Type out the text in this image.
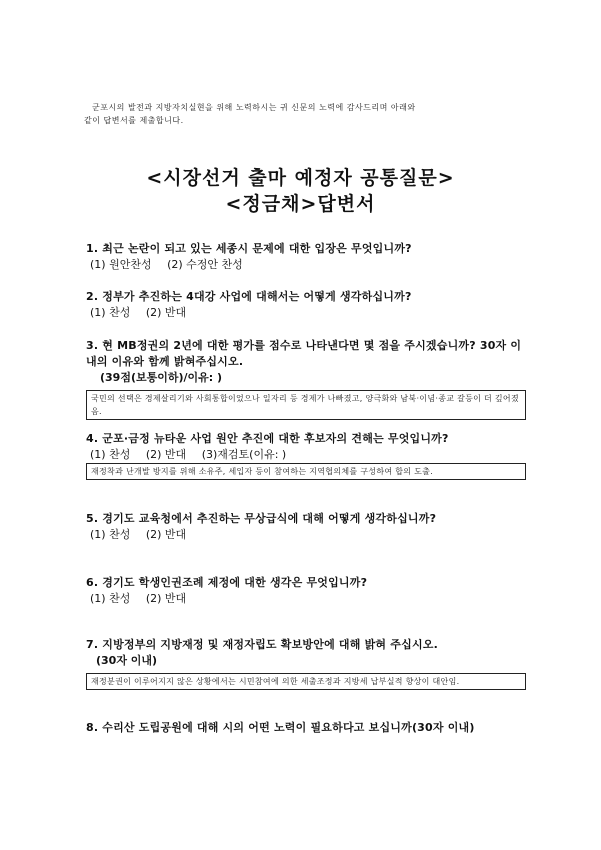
군포시의 발전과 지방자치실현을 위해 노력하시는 귀 신문의 노력에 감사드리며 아래와
같이 답변서를 제출합니다.
<시장선거 출마 예정자 공통질문>
<정금채>답변서
1. 최근 논란이 되고 있는 세종시 문제에 대한 입장은 무엇입니까?
(1) 원안찬성 (2) 수정안 찬성
2. 정부가 추진하는 4대강 사업에 대해서는 어떻게 생각하십니까?
(1) 찬성 (2) 반대
3. 현 MB정권의 2년에 대한 평가를 점수로 나타낸다면 몇 점을 주시겠습니까? 30자 이내의 이유와 함께 밝혀주십시오.
(39점(보통이하)/이유: )
국민의 선택은 경제살리기와 사회통합이었으나 일자리 등 경제가 나빠졌고, 양극화와 남북·이념·종교 갈등이 더 깊어졌음.
4. 군포·금정 뉴타운 사업 원안 추진에 대한 후보자의 견해는 무엇입니까?
(1) 찬성 (2) 반대 (3)재검토(이유: )
재정착과 난개발 방지를 위해 소유주, 세입자 등이 참여하는 지역협의체를 구성하여 합의 도출.
5. 경기도 교육청에서 추진하는 무상급식에 대해 어떻게 생각하십니까?
(1) 찬성 (2) 반대
6. 경기도 학생인권조례 제정에 대한 생각은 무엇입니까?
(1) 찬성 (2) 반대
7. 지방정부의 지방재정 및 재정자립도 확보방안에 대해 밝혀 주십시오.
(30자 이내)
재정분권이 이루어지지 않은 상황에서는 시민참여에 의한 세출조정과 지방세 납부실적 향상이 대안임.
8. 수리산 도립공원에 대해 시의 어떤 노력이 필요하다고 보십니까(30자 이내)
